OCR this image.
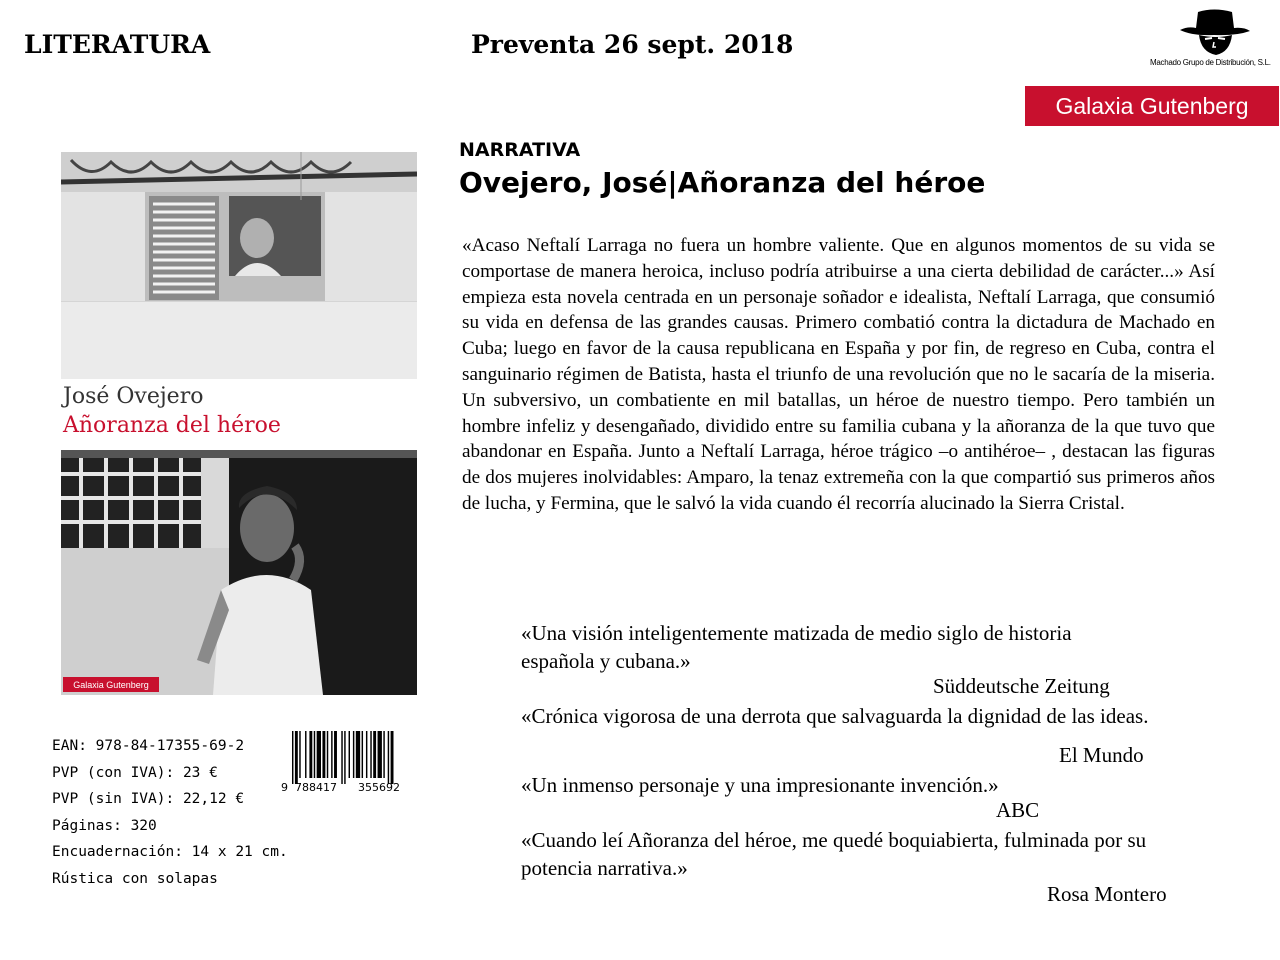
LITERATURA	Preventa 26 sept. 2018
Machado Grupo de Distribución, S.L.
Galaxia Gutenberg
José Ovejero
Añoranza del héroe
Galaxia Gutenberg
EAN: 978-84-17355-69-2
PVP (con IVA): 23 €
PVP (sin IVA): 22,12 €
Páginas: 320
Encuadernación: 14 x 21 cm.
Rústica con solapas
9 788417 355692
NARRATIVA
Ovejero, José|Añoranza del héroe

«Acaso Neftalí Larraga no fuera un hombre valiente. Que en algunos momentos de su vida se comportase de manera heroica, incluso podría atribuirse a una cierta debilidad de carácter...» Así empieza esta novela centrada en un personaje soñador e idealista, Neftalí Larraga, que consumió su vida en defensa de las grandes causas. Primero combatió contra la dictadura de Machado en Cuba; luego en favor de la causa republicana en España y por fin, de regreso en Cuba, contra el sanguinario régimen de Batista, hasta el triunfo de una revolución que no le sacaría de la miseria. Un subversivo, un combatiente en mil batallas, un héroe de nuestro tiempo. Pero también un hombre infeliz y desengañado, dividido entre su familia cubana y la añoranza de la que tuvo que abandonar en España. Junto a Neftalí Larraga, héroe trágico –o antihéroe– , destacan las figuras de dos mujeres inolvidables: Amparo, la tenaz extremeña con la que compartió sus primeros años de lucha, y Fermina, que le salvó la vida cuando él recorría alucinado la Sierra Cristal.

«Una visión inteligentemente matizada de medio siglo de historia española y cubana.»
Süddeutsche Zeitung
«Crónica vigorosa de una derrota que salvaguarda la dignidad de las ideas.
El Mundo
«Un inmenso personaje y una impresionante invención.»
ABC
«Cuando leí Añoranza del héroe, me quedé boquiabierta, fulminada por su potencia narrativa.»
Rosa Montero
